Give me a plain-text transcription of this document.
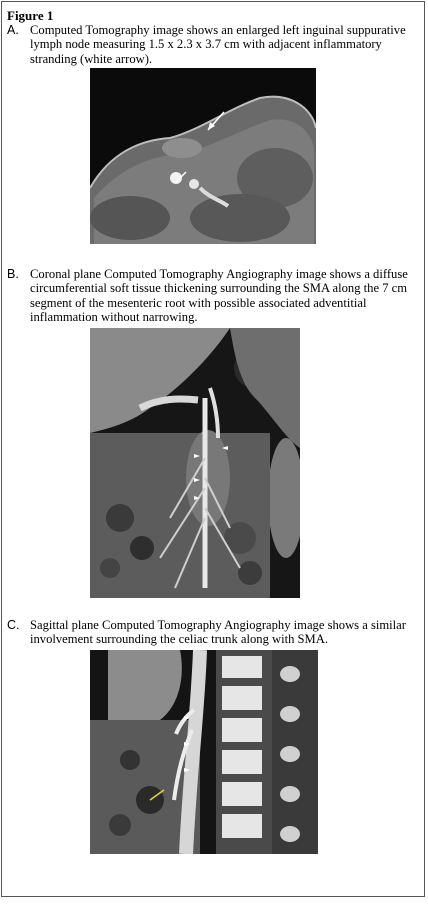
Figure 1
A. Computed Tomography image shows an enlarged left inguinal suppurative lymph node measuring 1.5 x 2.3 x 3.7 cm with adjacent inflammatory stranding (white arrow).
B. Coronal plane Computed Tomography Angiography image shows a diffuse circumferential soft tissue thickening surrounding the SMA along the 7 cm segment of the mesenteric root with possible associated adventitial inflammation without narrowing.
C. Sagittal plane Computed Tomography Angiography image shows a similar involvement surrounding the celiac trunk along with SMA.
